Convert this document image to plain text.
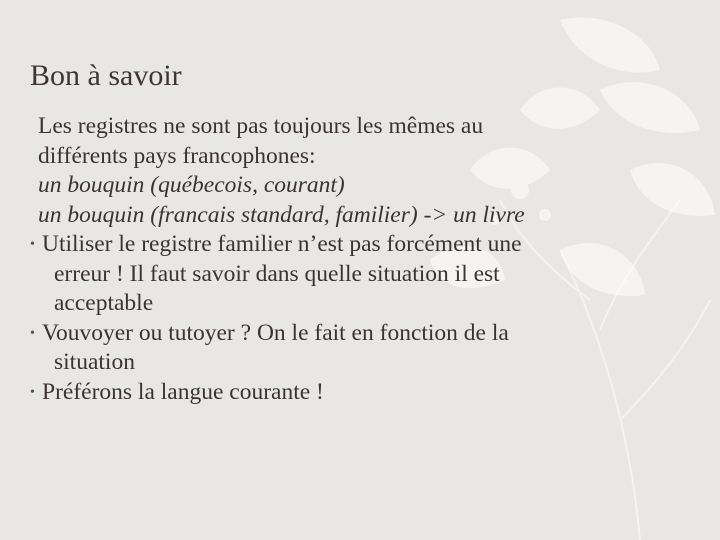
Bon à savoir
Les registres ne sont pas toujours les mêmes au
différents pays francophones:
un bouquin (québecois, courant)
un bouquin (francais standard, familier) -> un livre
• Utiliser le registre familier n’est pas forcément une
erreur ! Il faut savoir dans quelle situation il est
acceptable
• Vouvoyer ou tutoyer ? On le fait en fonction de la
situation
• Préférons la langue courante !
